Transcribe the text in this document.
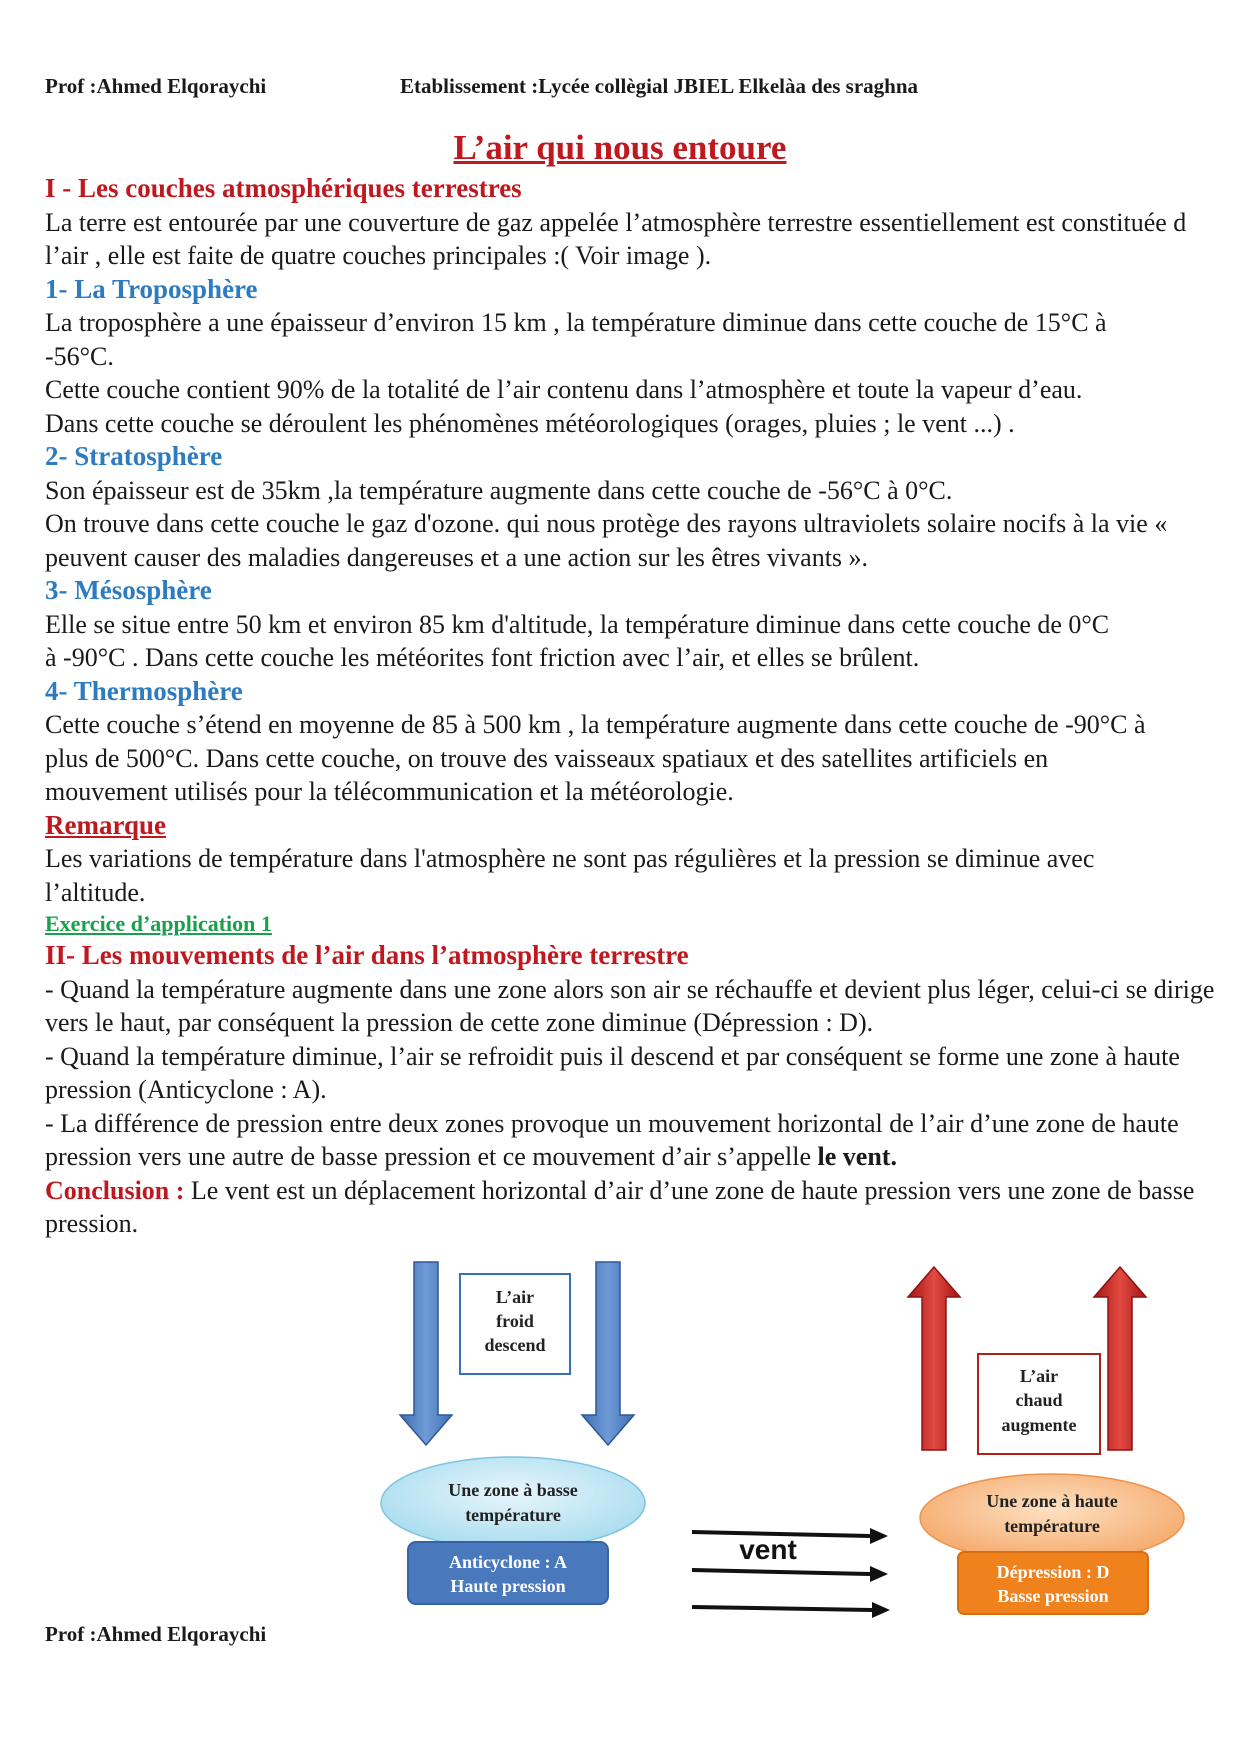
Prof :Ahmed Elqoraychi	Etablissement :Lycée collègial JBIEL Elkelàa des sraghna
L’air qui nous entoure

I - Les couches atmosphériques terrestres

La terre est entourée par une couverture de gaz appelée l’atmosphère terrestre essentiellement est constituée d l’air , elle est faite de quatre couches principales :( Voir image ).

1- La Troposphère

La troposphère a une épaisseur d’environ 15 km , la température diminue dans cette couche de 15°C à -56°C.

Cette couche contient 90% de la totalité de l’air contenu dans l’atmosphère et toute la vapeur d’eau.

Dans cette couche se déroulent les phénomènes météorologiques (orages, pluies ; le vent ...) .

2- Stratosphère

Son épaisseur est de 35km ,la température augmente dans cette couche de -56°C à 0°C.

On trouve dans cette couche le gaz d'ozone. qui nous protège des rayons ultraviolets solaire nocifs à la vie « peuvent causer des maladies dangereuses et a une action sur les êtres vivants ».

3- Mésosphère

Elle se situe entre 50 km et environ 85 km d'altitude, la température diminue dans cette couche de 0°C à -90°C . Dans cette couche les météorites font friction avec l’air, et elles se brûlent.

4- Thermosphère

Cette couche s’étend en moyenne de 85 à 500 km , la température augmente dans cette couche de -90°C à plus de 500°C. Dans cette couche, on trouve des vaisseaux spatiaux et des satellites artificiels en mouvement utilisés pour la télécommunication et la météorologie.

Remarque

Les variations de température dans l'atmosphère ne sont pas régulières et la pression se diminue avec l’altitude.

Exercice d’application 1

II- Les mouvements de l’air dans l’atmosphère terrestre

- Quand la température augmente dans une zone alors son air se réchauffe et devient plus léger, celui-ci se dirige vers le haut, par conséquent la pression de cette zone diminue (Dépression : D).

- Quand la température diminue, l’air se refroidit puis il descend et par conséquent se forme une zone à haute pression (Anticyclone : A).

- La différence de pression entre deux zones provoque un mouvement horizontal de l’air d’une zone de haute pression vers une autre de basse pression et ce mouvement d’air s’appelle le vent.

Conclusion : Le vent est un déplacement horizontal d’air d’une zone de haute pression vers une zone de basse pression.

L’air
froid
descend
Une zone à basse
température
Anticyclone : A
Haute pression
vent
L’air
chaud
augmente
Une zone à haute
température
Dépression : D
Basse pression
Prof :Ahmed Elqoraychi
